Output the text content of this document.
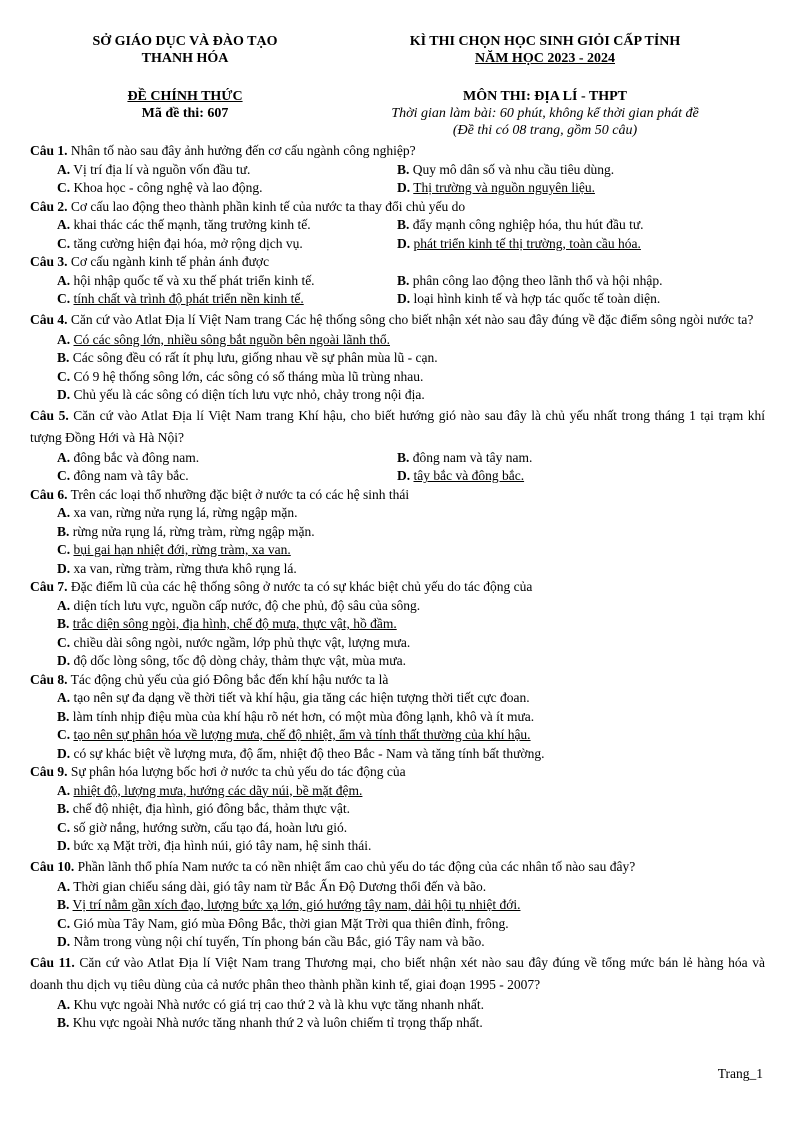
SỞ GIÁO DỤC VÀ ĐÀO TẠO
THANH HÓA
KÌ THI CHỌN HỌC SINH GIỎI CẤP TỈNH
NĂM HỌC 2023 - 2024
ĐỀ CHÍNH THỨC
Mã đề thi: 607
MÔN THI: ĐỊA LÍ - THPT
Thời gian làm bài: 60 phút, không kể thời gian phát đề
(Đề thi có 08 trang, gồm 50 câu)
Câu 1. Nhân tố nào sau đây ảnh hưởng đến cơ cấu ngành công nghiệp?
A. Vị trí địa lí và nguồn vốn đầu tư.	B. Quy mô dân số và nhu cầu tiêu dùng.
C. Khoa học - công nghệ và lao động.	D. Thị trường và nguồn nguyên liệu.
Câu 2. Cơ cấu lao động theo thành phần kinh tế của nước ta thay đổi chủ yếu do
A. khai thác các thế mạnh, tăng trưởng kinh tế.	B. đẩy mạnh công nghiệp hóa, thu hút đầu tư.
C. tăng cường hiện đại hóa, mở rộng dịch vụ.	D. phát triển kinh tế thị trường, toàn cầu hóa.
Câu 3. Cơ cấu ngành kinh tế phản ánh được
A. hội nhập quốc tế và xu thế phát triển kinh tế.	B. phân công lao động theo lãnh thổ và hội nhập.
C. tính chất và trình độ phát triển nền kinh tế.	D. loại hình kinh tế và hợp tác quốc tế toàn diện.
Câu 4. Căn cứ vào Atlat Địa lí Việt Nam trang Các hệ thống sông cho biết nhận xét nào sau đây đúng về đặc điểm sông ngòi nước ta?
A. Có các sông lớn, nhiều sông bắt nguồn bên ngoài lãnh thổ.
B. Các sông đều có rất ít phụ lưu, giống nhau về sự phân mùa lũ - cạn.
C. Có 9 hệ thống sông lớn, các sông có số tháng mùa lũ trùng nhau.
D. Chủ yếu là các sông có diện tích lưu vực nhỏ, chảy trong nội địa.
Câu 5. Căn cứ vào Atlat Địa lí Việt Nam trang Khí hậu, cho biết hướng gió nào sau đây là chủ yếu nhất trong tháng 1 tại trạm khí tượng Đồng Hới và Hà Nội?
A. đông bắc và đông nam.	B. đông nam và tây nam.
C. đông nam và tây bắc.	D. tây bắc và đông bắc.
Câu 6. Trên các loại thổ nhưỡng đặc biệt ở nước ta có các hệ sinh thái
A. xa van, rừng nửa rụng lá, rừng ngập mặn.
B. rừng nửa rụng lá, rừng tràm, rừng ngập mặn.
C. bụi gai hạn nhiệt đới, rừng tràm, xa van.
D. xa van, rừng tràm, rừng thưa khô rụng lá.
Câu 7. Đặc điểm lũ của các hệ thống sông ở nước ta có sự khác biệt chủ yếu do tác động của
A. diện tích lưu vực, nguồn cấp nước, độ che phủ, độ sâu của sông.
B. trắc diện sông ngòi, địa hình, chế độ mưa, thực vật, hồ đầm.
C. chiều dài sông ngòi, nước ngầm, lớp phủ thực vật, lượng mưa.
D. độ dốc lòng sông, tốc độ dòng chảy, thảm thực vật, mùa mưa.
Câu 8. Tác động chủ yếu của gió Đông bắc đến khí hậu nước ta là
A. tạo nên sự đa dạng về thời tiết và khí hậu, gia tăng các hiện tượng thời tiết cực đoan.
B. làm tính nhịp điệu mùa của khí hậu rõ nét hơn, có một mùa đông lạnh, khô và ít mưa.
C. tạo nên sự phân hóa về lượng mưa, chế độ nhiệt, ẩm và tính thất thường của khí hậu.
D. có sự khác biệt về lượng mưa, độ ẩm, nhiệt độ theo Bắc - Nam và tăng tính bất thường.
Câu 9. Sự phân hóa lượng bốc hơi ở nước ta chủ yếu do tác động của
A. nhiệt độ, lượng mưa, hướng các dãy núi, bề mặt đệm.
B. chế độ nhiệt, địa hình, gió đông bắc, thảm thực vật.
C. số giờ nắng, hướng sườn, cấu tạo đá, hoàn lưu gió.
D. bức xạ Mặt trời, địa hình núi, gió tây nam, hệ sinh thái.
Câu 10. Phần lãnh thổ phía Nam nước ta có nền nhiệt ẩm cao chủ yếu do tác động của các nhân tố nào sau đây?
A. Thời gian chiếu sáng dài, gió tây nam từ Bắc Ấn Độ Dương thổi đến và bão.
B. Vị trí nằm gần xích đạo, lượng bức xạ lớn, gió hướng tây nam, dải hội tụ nhiệt đới.
C. Gió mùa Tây Nam, gió mùa Đông Bắc, thời gian Mặt Trời qua thiên đỉnh, frông.
D. Nằm trong vùng nội chí tuyến, Tín phong bán cầu Bắc, gió Tây nam và bão.
Câu 11. Căn cứ vào Atlat Địa lí Việt Nam trang Thương mại, cho biết nhận xét nào sau đây đúng về tổng mức bán lẻ hàng hóa và doanh thu dịch vụ tiêu dùng của cả nước phân theo thành phần kinh tế, giai đoạn 1995 - 2007?
A. Khu vực ngoài Nhà nước có giá trị cao thứ 2 và là khu vực tăng nhanh nhất.
B. Khu vực ngoài Nhà nước tăng nhanh thứ 2 và luôn chiếm tỉ trọng thấp nhất.
Trang_1
